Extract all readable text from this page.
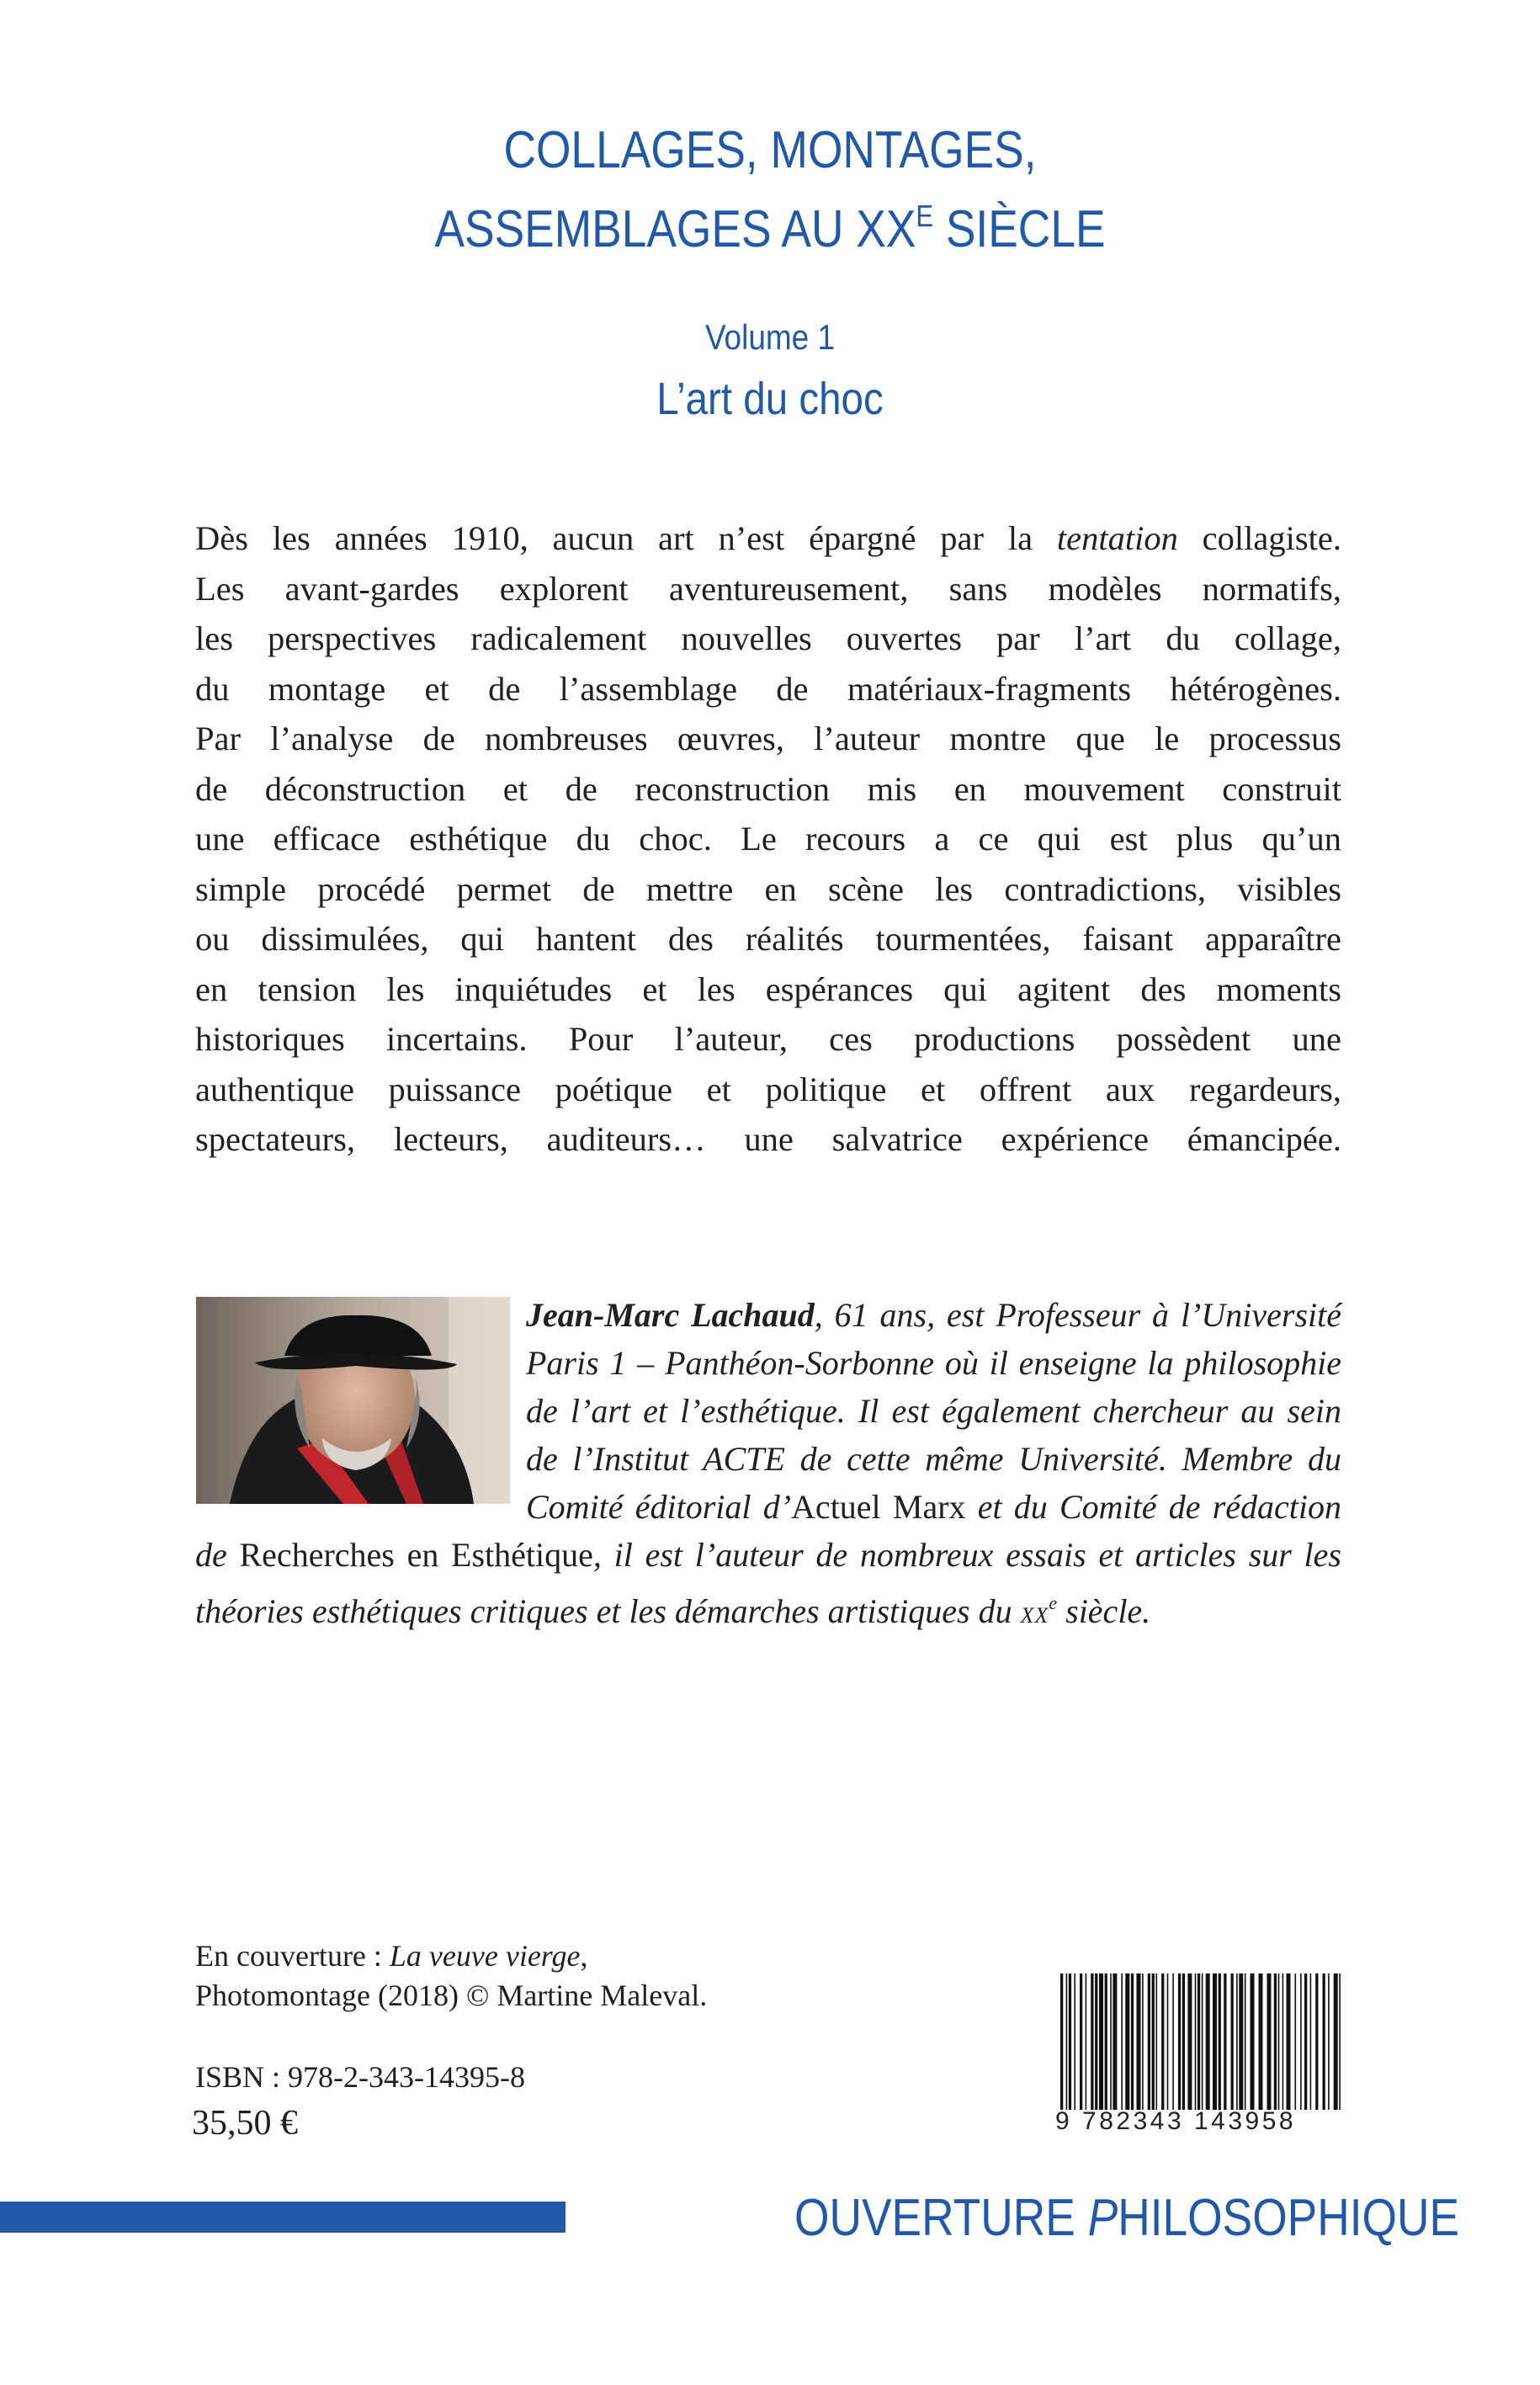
COLLAGES, MONTAGES,
ASSEMBLAGES AU $XX^E$ SIÈCLE
Volume 1
L’art du choc
Dès les années 1910, aucun art n’est épargné par la tentation collagiste.
Les avant-gardes explorent aventureusement, sans modèles normatifs,
les perspectives radicalement nouvelles ouvertes par l’art du collage,
du montage et de l’assemblage de matériaux-fragments hétérogènes.
Par l’analyse de nombreuses œuvres, l’auteur montre que le processus
de déconstruction et de reconstruction mis en mouvement construit
une efficace esthétique du choc. Le recours a ce qui est plus qu’un
simple procédé permet de mettre en scène les contradictions, visibles
ou dissimulées, qui hantent des réalités tourmentées, faisant apparaître
en tension les inquiétudes et les espérances qui agitent des moments
historiques incertains. Pour l’auteur, ces productions possèdent une
authentique puissance poétique et politique et offrent aux regardeurs,
spectateurs, lecteurs, auditeurs… une salvatrice expérience émancipée.
Jean-Marc Lachaud, 61 ans, est Professeur à l’Université
Paris 1 – Panthéon-Sorbonne où il enseigne la philosophie
de l’art et l’esthétique. Il est également chercheur au sein
de l’Institut ACTE de cette même Université. Membre du
Comité éditorial d’Actuel Marx et du Comité de rédaction
de Recherches en Esthétique, il est l’auteur de nombreux essais et articles sur les
théories esthétiques critiques et les démarches artistiques du XXe siècle.
En couverture : La veuve vierge,
Photomontage (2018) © Martine Maleval.
ISBN : 978-2-343-14395-8
35,50 €	9 782343 143958
OUVERTURE PHILOSOPHIQUE
